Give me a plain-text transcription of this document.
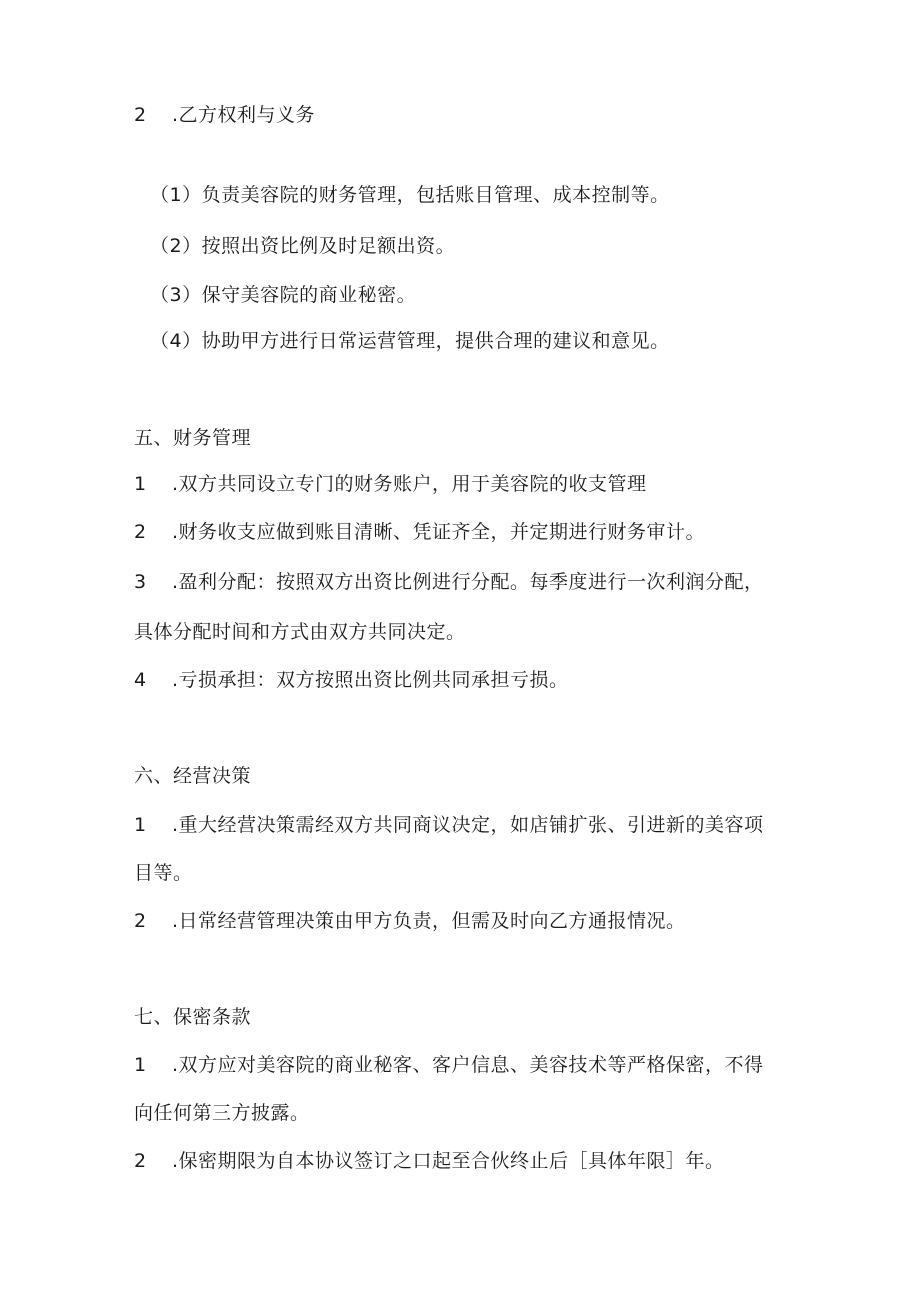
2 .乙方权利与义务
（1）负责美容院的财务管理，包括账目管理、成本控制等。
（2）按照出资比例及时足额出资。
（3）保守美容院的商业秘密。
（4）协助甲方进行日常运营管理，提供合理的建议和意见。
五、财务管理
1 .双方共同设立专门的财务账户，用于美容院的收支管理
2 .财务收支应做到账目清晰、凭证齐全，并定期进行财务审计。
3 .盈利分配：按照双方出资比例进行分配。每季度进行一次利润分配，
具体分配时间和方式由双方共同决定。
4 .亏损承担：双方按照出资比例共同承担亏损。
六、经营决策
1 .重大经营决策需经双方共同商议决定，如店铺扩张、引进新的美容项
目等。
2 .日常经营管理决策由甲方负责，但需及时向乙方通报情况。
七、保密条款
1 .双方应对美容院的商业秘客、客户信息、美容技术等严格保密，不得
向任何第三方披露。
2 .保密期限为自本协议签订之口起至合伙终止后［具体年限］年。
